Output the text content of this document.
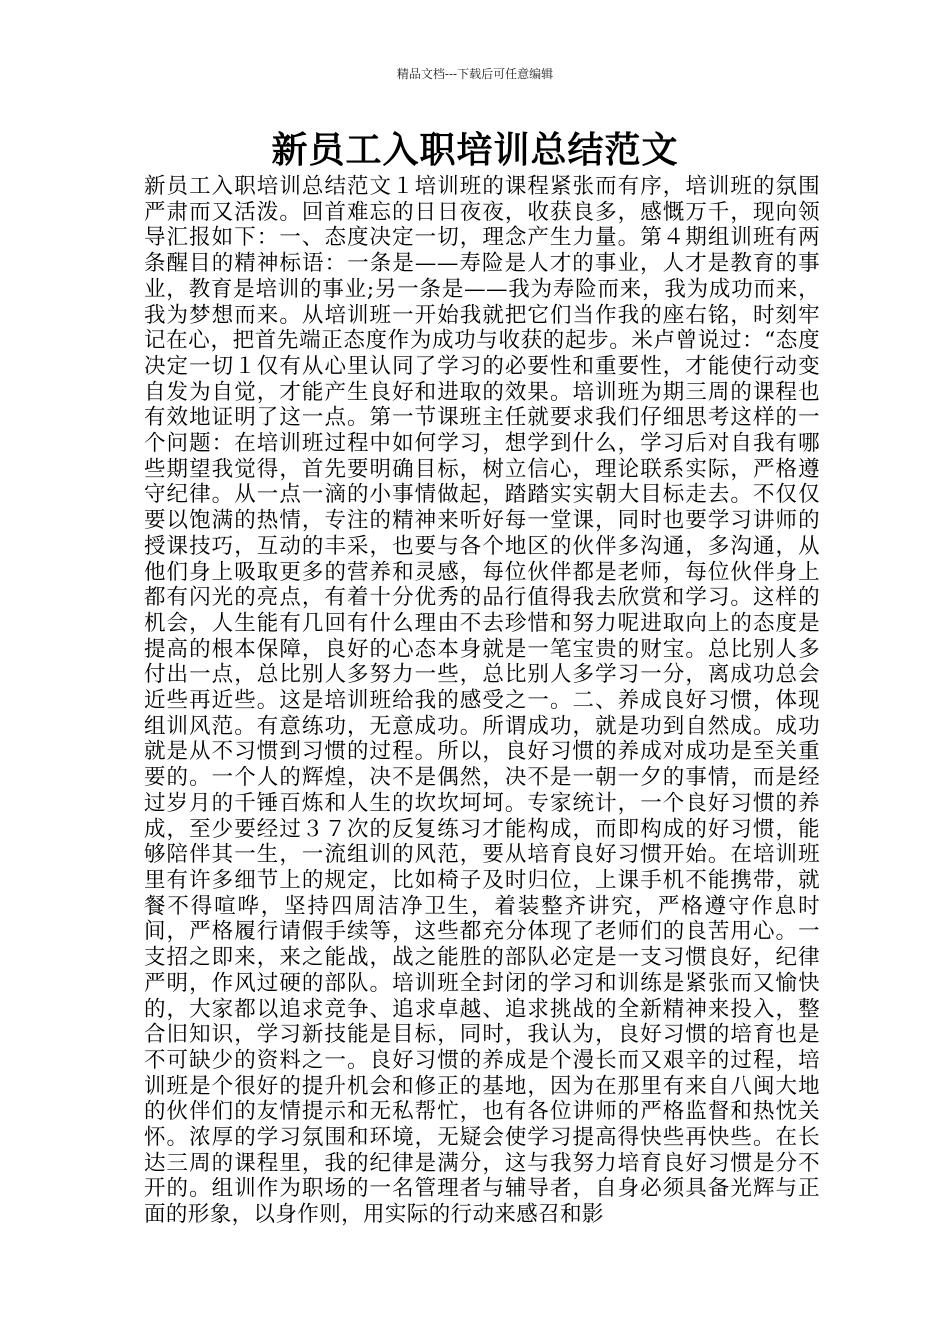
精品文档---下载后可任意编辑
新员工入职培训总结范文

新员工入职培训总结范文１培训班的课程紧张而有序，培训班的氛围严肃而又活泼。回首难忘的日日夜夜，收获良多，感慨万千，现向领导汇报如下：一、态度决定一切，理念产生力量。第４期组训班有两条醒目的精神标语：一条是——寿险是人才的事业，人才是教育的事业，教育是培训的事业;另一条是——我为寿险而来，我为成功而来，我为梦想而来。从培训班一开始我就把它们当作我的座右铭，时刻牢记在心，把首先端正态度作为成功与收获的起步。米卢曾说过：“态度决定一切１仅有从心里认同了学习的必要性和重要性，才能使行动变自发为自觉，才能产生良好和进取的效果。培训班为期三周的课程也有效地证明了这一点。第一节课班主任就要求我们仔细思考这样的一个问题：在培训班过程中如何学习，想学到什么，学习后对自我有哪些期望我觉得，首先要明确目标，树立信心，理论联系实际，严格遵守纪律。从一点一滴的小事情做起，踏踏实实朝大目标走去。不仅仅要以饱满的热情，专注的精神来听好每一堂课，同时也要学习讲师的授课技巧，互动的丰采，也要与各个地区的伙伴多沟通，多沟通，从他们身上吸取更多的营养和灵感，每位伙伴都是老师，每位伙伴身上都有闪光的亮点，有着十分优秀的品行值得我去欣赏和学习。这样的机会，人生能有几回有什么理由不去珍惜和努力呢进取向上的态度是提高的根本保障，良好的心态本身就是一笔宝贵的财宝。总比别人多付出一点，总比别人多努力一些，总比别人多学习一分，离成功总会近些再近些。这是培训班给我的感受之一。二、养成良好习惯，体现组训风范。有意练功，无意成功。所谓成功，就是功到自然成。成功就是从不习惯到习惯的过程。所以，良好习惯的养成对成功是至关重要的。一个人的辉煌，决不是偶然，决不是一朝一夕的事情，而是经过岁月的千锤百炼和人生的坎坎坷坷。专家统计，一个良好习惯的养成，至少要经过３７次的反复练习才能构成，而即构成的好习惯，能够陪伴其一生，一流组训的风范，要从培育良好习惯开始。在培训班里有许多细节上的规定，比如椅子及时归位，上课手机不能携带，就餐不得喧哗，坚持四周洁净卫生，着装整齐讲究，严格遵守作息时间，严格履行请假手续等，这些都充分体现了老师们的良苦用心。一支招之即来，来之能战，战之能胜的部队必定是一支习惯良好，纪律严明，作风过硬的部队。培训班全封闭的学习和训练是紧张而又愉快的，大家都以追求竞争、追求卓越、追求挑战的全新精神来投入，整合旧知识，学习新技能是目标，同时，我认为，良好习惯的培育也是不可缺少的资料之一。良好习惯的养成是个漫长而又艰辛的过程，培训班是个很好的提升机会和修正的基地，因为在那里有来自八闽大地的伙伴们的友情提示和无私帮忙，也有各位讲师的严格监督和热忱关怀。浓厚的学习氛围和环境，无疑会使学习提高得快些再快些。在长达三周的课程里，我的纪律是满分，这与我努力培育良好习惯是分不开的。组训作为职场的一名管理者与辅导者，自身必须具备光辉与正面的形象，以身作则，用实际的行动来感召和影
